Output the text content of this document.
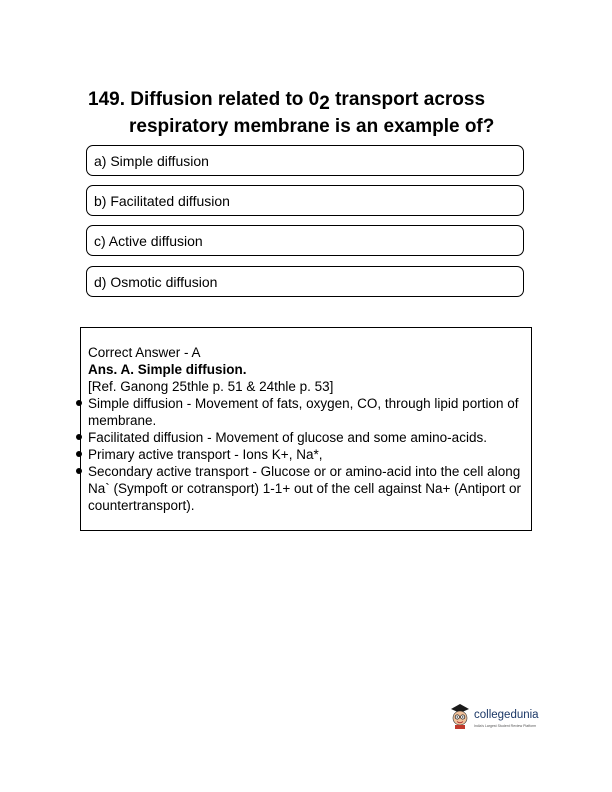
149. Diffusion related to $0_2$ transport across
respiratory membrane is an example of?
a) Simple diffusion
b) Facilitated diffusion
c) Active diffusion
d) Osmotic diffusion
Correct Answer - A
Ans. A. Simple diffusion.
[Ref. Ganong 25thle p. 51 & 24thle p. 53]
Simple diffusion - Movement of fats, oxygen, CO, through lipid portion of membrane.
Facilitated diffusion - Movement of glucose and some amino-acids.
Primary active transport - Ions K+, Na*,
Secondary active transport - Glucose or or amino-acid into the cell along Na` (Sympoft or cotransport) 1-1+ out of the cell against Na+ (Antiport or countertransport).
collegedunia
India's Largest Student Review Platform
